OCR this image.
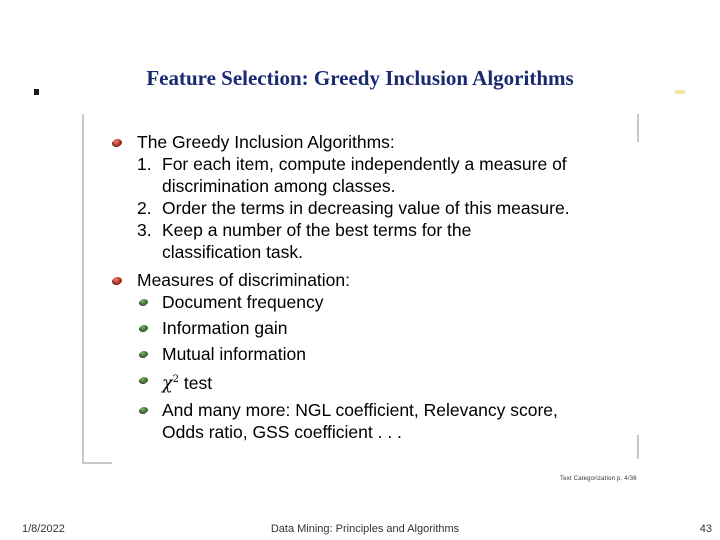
Feature Selection: Greedy Inclusion Algorithms
The Greedy Inclusion Algorithms:
1. For each item, compute independently a measure of
discrimination among classes.
2. Order the terms in decreasing value of this measure.
3. Keep a number of the best terms for the
classification task.
Measures of discrimination:
Document frequency
Information gain
Mutual information
$\chi^2$ test
And many more: NGL coefficient, Relevancy score,
Odds ratio, GSS coefficient . . .
Text Categorization p. 4/36
1/8/2022	Data Mining: Principles and Algorithms	43
